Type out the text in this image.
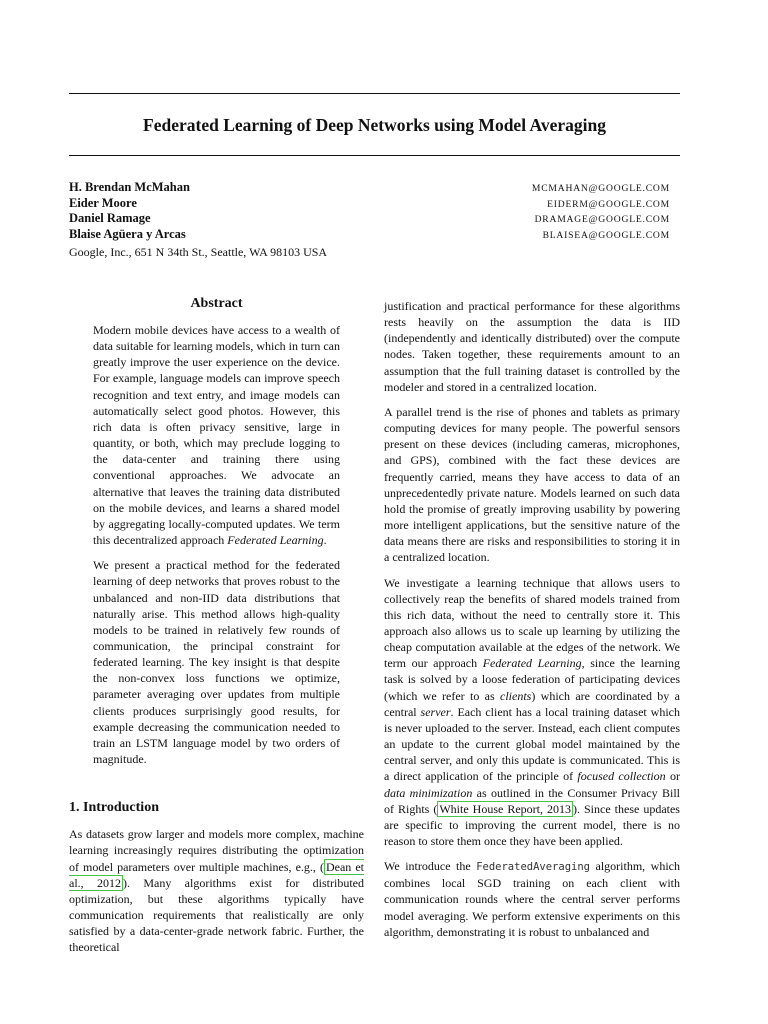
Federated Learning of Deep Networks using Model Averaging
H. Brendan McMahan	MCMAHAN@GOOGLE.COM
Eider Moore	EIDERM@GOOGLE.COM
Daniel Ramage	DRAMAGE@GOOGLE.COM
Blaise Agüera y Arcas	BLAISEA@GOOGLE.COM
Google, Inc., 651 N 34th St., Seattle, WA 98103 USA
Abstract

Modern mobile devices have access to a wealth of data suitable for learning models, which in turn can greatly improve the user experience on the device. For example, language models can improve speech recognition and text entry, and image models can automatically select good photos. However, this rich data is often privacy sensitive, large in quantity, or both, which may preclude logging to the data-center and training there using conventional approaches. We advocate an alternative that leaves the training data distributed on the mobile devices, and learns a shared model by aggregating locally-computed updates. We term this decentralized approach Federated Learning.

We present a practical method for the federated learning of deep networks that proves robust to the unbalanced and non-IID data distributions that naturally arise. This method allows high-quality models to be trained in relatively few rounds of communication, the principal constraint for federated learning. The key insight is that despite the non-convex loss functions we optimize, parameter averaging over updates from multiple clients produces surprisingly good results, for example decreasing the communication needed to train an LSTM language model by two orders of magnitude.

1. Introduction

As datasets grow larger and models more complex, machine learning increasingly requires distributing the optimization of model parameters over multiple machines, e.g., ( Dean et al., 2012 ). Many algorithms exist for distributed optimization, but these algorithms typically have communication requirements that realistically are only satisfied by a data-center-grade network fabric. Further, the theoretical

justification and practical performance for these algorithms rests heavily on the assumption the data is IID (independently and identically distributed) over the compute nodes. Taken together, these requirements amount to an assumption that the full training dataset is controlled by the modeler and stored in a centralized location.

A parallel trend is the rise of phones and tablets as primary computing devices for many people. The powerful sensors present on these devices (including cameras, microphones, and GPS), combined with the fact these devices are frequently carried, means they have access to data of an unprecedentedly private nature. Models learned on such data hold the promise of greatly improving usability by powering more intelligent applications, but the sensitive nature of the data means there are risks and responsibilities to storing it in a centralized location.

We investigate a learning technique that allows users to collectively reap the benefits of shared models trained from this rich data, without the need to centrally store it. This approach also allows us to scale up learning by utilizing the cheap computation available at the edges of the network. We term our approach Federated Learning, since the learning task is solved by a loose federation of participating devices (which we refer to as clients) which are coordinated by a central server. Each client has a local training dataset which is never uploaded to the server. Instead, each client computes an update to the current global model maintained by the central server, and only this update is communicated. This is a direct application of the principle of focused collection or data minimization as outlined in the Consumer Privacy Bill of Rights ( White House Report, 2013 ). Since these updates are specific to improving the current model, there is no reason to store them once they have been applied.

We introduce the FederatedAveraging algorithm, which combines local SGD training on each client with communication rounds where the central server performs model averaging. We perform extensive experiments on this algorithm, demonstrating it is robust to unbalanced and
